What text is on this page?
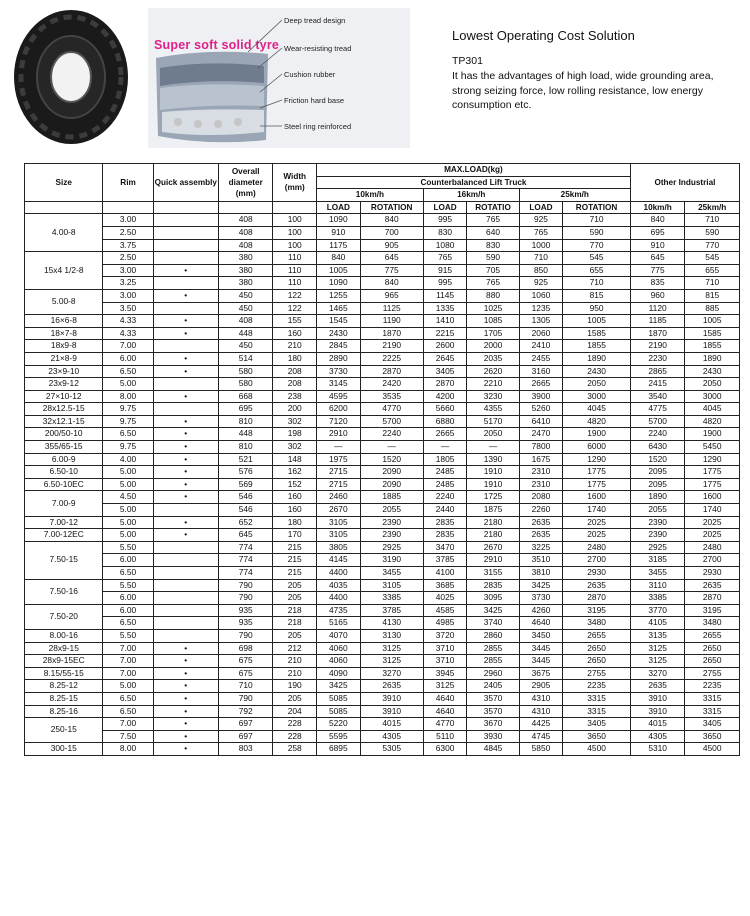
Super soft solid tyre
Deep tread design
Wear-resisting tread
Cushion rubber
Friction hard base
Steel ring reinforced

Lowest Operating Cost Solution

TP301

It has the advantages of high load, wide grounding area, strong seizing force, low rolling resistance, low energy consumption etc.

Size	Rim	Quick assembly	Overall diameter (mm)	Width (mm)	MAX.LOAD(kg)						Other Industrial	
					Counterbalanced Lift Truck							
					10km/h		16km/h		25km/h			
					LOAD	ROTATION	LOAD	ROTATIO	LOAD	ROTATION	10km/h	25km/h
4.00-8	3.00		408	100	1090	840	995	765	925	710	840	710
	2.50		408	100	910	700	830	640	765	590	695	590
	3.75		408	100	1175	905	1080	830	1000	770	910	770
15x4 1/2-8	2.50		380	110	840	645	765	590	710	545	645	545
	3.00	•	380	110	1005	775	915	705	850	655	775	655
	3.25		380	110	1090	840	995	765	925	710	835	710
5.00-8	3.00	•	450	122	1255	965	1145	880	1060	815	960	815
	3.50		450	122	1465	1125	1335	1025	1235	950	1120	885
16×6-8	4.33	•	408	155	1545	1190	1410	1085	1305	1005	1185	1005
18×7-8	4.33	•	448	160	2430	1870	2215	1705	2060	1585	1870	1585
18x9-8	7.00		450	210	2845	2190	2600	2000	2410	1855	2190	1855
21×8-9	6.00	•	514	180	2890	2225	2645	2035	2455	1890	2230	1890
23×9-10	6.50	•	580	208	3730	2870	3405	2620	3160	2430	2865	2430
23x9-12	5.00		580	208	3145	2420	2870	2210	2665	2050	2415	2050
27×10-12	8.00	•	668	238	4595	3535	4200	3230	3900	3000	3540	3000
28x12.5-15	9.75		695	200	6200	4770	5660	4355	5260	4045	4775	4045
32x12.1-15	9.75	•	810	302	7120	5700	6880	5170	6410	4820	5700	4820
200/50-10	6.50	•	448	198	2910	2240	2665	2050	2470	1900	2240	1900
355/65-15	9.75	•	810	302	—	—	—	—	7800	6000	6430	5450
6.00-9	4.00	•	521	148	1975	1520	1805	1390	1675	1290	1520	1290
6.50-10	5.00	•	576	162	2715	2090	2485	1910	2310	1775	2095	1775
6.50-10EC	5.00	•	569	152	2715	2090	2485	1910	2310	1775	2095	1775
7.00-9	4.50	•	546	160	2460	1885	2240	1725	2080	1600	1890	1600
	5.00		546	160	2670	2055	2440	1875	2260	1740	2055	1740
7.00-12	5.00	•	652	180	3105	2390	2835	2180	2635	2025	2390	2025
7.00-12EC	5.00	•	645	170	3105	2390	2835	2180	2635	2025	2390	2025
7.50-15	5.50		774	215	3805	2925	3470	2670	3225	2480	2925	2480
	6.00		774	215	4145	3190	3785	2910	3510	2700	3185	2700
	6.50		774	215	4400	3455	4100	3155	3810	2930	3455	2930
7.50-16	5.50		790	205	4035	3105	3685	2835	3425	2635	3110	2635
	6.00		790	205	4400	3385	4025	3095	3730	2870	3385	2870
7.50-20	6.00		935	218	4735	3785	4585	3425	4260	3195	3770	3195
	6.50		935	218	5165	4130	4985	3740	4640	3480	4105	3480
8.00-16	5.50		790	205	4070	3130	3720	2860	3450	2655	3135	2655
28x9-15	7.00	•	698	212	4060	3125	3710	2855	3445	2650	3125	2650
28x9-15EC	7.00	•	675	210	4060	3125	3710	2855	3445	2650	3125	2650
8.15/55-15	7.00	•	675	210	4090	3270	3945	2960	3675	2755	3270	2755
8.25-12	5.00	•	710	190	3425	2635	3125	2405	2905	2235	2635	2235
8.25-15	6.50	•	790	205	5085	3910	4640	3570	4310	3315	3910	3315
8.25-16	6.50	•	792	204	5085	3910	4640	3570	4310	3315	3910	3315
250-15	7.00	•	697	228	5220	4015	4770	3670	4425	3405	4015	3405
	7.50	•	697	228	5595	4305	5110	3930	4745	3650	4305	3650
300-15	8.00	•	803	258	6895	5305	6300	4845	5850	4500	5310	4500
